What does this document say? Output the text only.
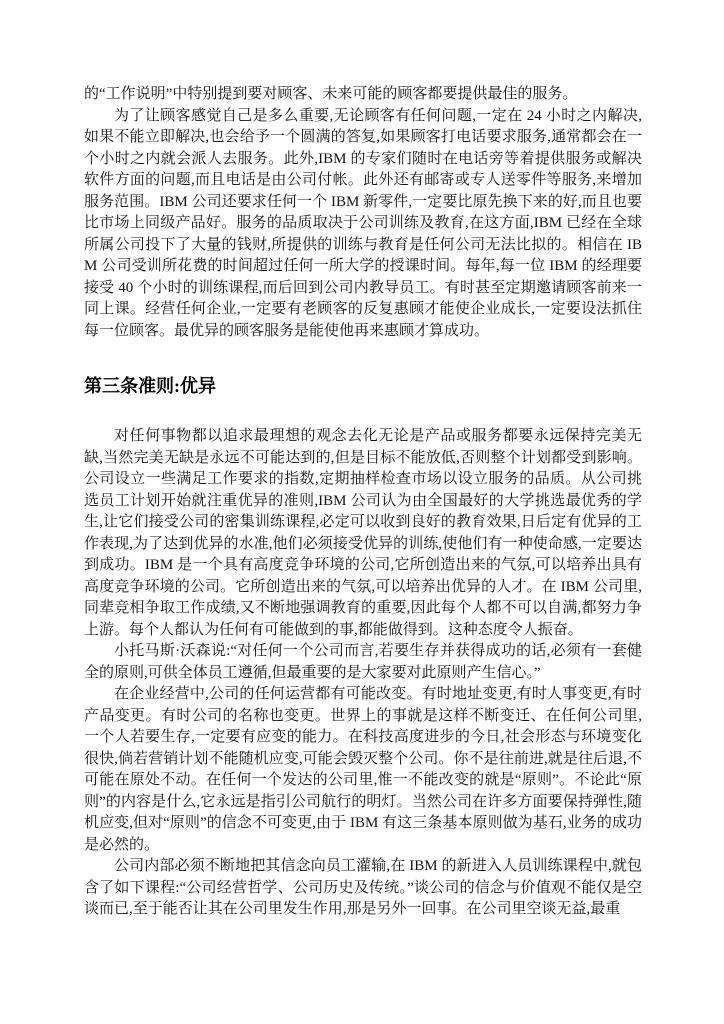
的“工作说明”中特别提到要对顾客、未来可能的顾客都要提供最佳的服务。

为了让顾客感觉自己是多么重要,无论顾客有任何问题,一定在 24 小时之内解决,如果不能立即解决,也会给予一个圆满的答复,如果顾客打电话要求服务,通常都会在一个小时之内就会派人去服务。此外,IBM 的专家们随时在电话旁等着提供服务或解决软件方面的问题,而且电话是由公司付帐。此外还有邮寄或专人送零件等服务,来增加服务范围。IBM 公司还要求任何一个 IBM 新零件,一定要比原先换下来的好,而且也要比市场上同级产品好。服务的品质取决于公司训练及教育,在这方面,IBM 已经在全球所属公司投下了大量的钱财,所提供的训练与教育是任何公司无法比拟的。相信在 IBM 公司受训所花费的时间超过任何一所大学的授课时间。每年,每一位 IBM 的经理要接受 40 个小时的训练课程,而后回到公司内教导员工。有时甚至定期邀请顾客前来一同上课。经营任何企业,一定要有老顾客的反复惠顾才能使企业成长,一定要设法抓住每一位顾客。最优异的顾客服务是能使他再来惠顾才算成功。

第三条准则:优异

对任何事物都以追求最理想的观念去化无论是产品或服务都要永远保持完美无缺,当然完美无缺是永远不可能达到的,但是目标不能放低,否则整个计划都受到影响。公司设立一些满足工作要求的指数,定期抽样检查市场以设立服务的品质。从公司挑选员工计划开始就注重优异的准则,IBM 公司认为由全国最好的大学挑选最优秀的学生,让它们接受公司的密集训练课程,必定可以收到良好的教育效果,日后定有优异的工作表现,为了达到优异的水准,他们必须接受优异的训练,使他们有一种使命感,一定要达到成功。IBM 是一个具有高度竞争环境的公司,它所创造出来的气氛,可以培养出具有高度竞争环境的公司。它所创造出来的气氛,可以培养出优异的人才。在 IBM 公司里,同辈竞相争取工作成绩,又不断地强调教育的重要,因此每个人都不可以自满,都努力争上游。每个人都认为任何有可能做到的事,都能做得到。这种态度令人振奋。

小托马斯·沃森说:“对任何一个公司而言,若要生存并获得成功的话,必须有一套健全的原则,可供全体员工遵循,但最重要的是大家要对此原则产生信心。”

在企业经营中,公司的任何运营都有可能改变。有时地址变更,有时人事变更,有时产品变更。有时公司的名称也变更。世界上的事就是这样不断变迁、在任何公司里,一个人若要生存,一定要有应变的能力。在科技高度进步的今日,社会形态与环境变化很快,倘若营销计划不能随机应变,可能会毁灭整个公司。你不是往前进,就是往后退,不可能在原处不动。在任何一个发达的公司里,惟一不能改变的就是“原则”。不论此“原则”的内容是什么,它永远是指引公司航行的明灯。当然公司在许多方面要保持弹性,随机应变,但对“原则”的信念不可变更,由于 IBM 有这三条基本原则做为基石,业务的成功是必然的。

公司内部必须不断地把其信念向员工灌输,在 IBM 的新进入人员训练课程中,就包含了如下课程:“公司经营哲学、公司历史及传统。”谈公司的信念与价值观不能仅是空谈而已,至于能否让其在公司里发生作用,那是另外一回事。在公司里空谈无益,最重
